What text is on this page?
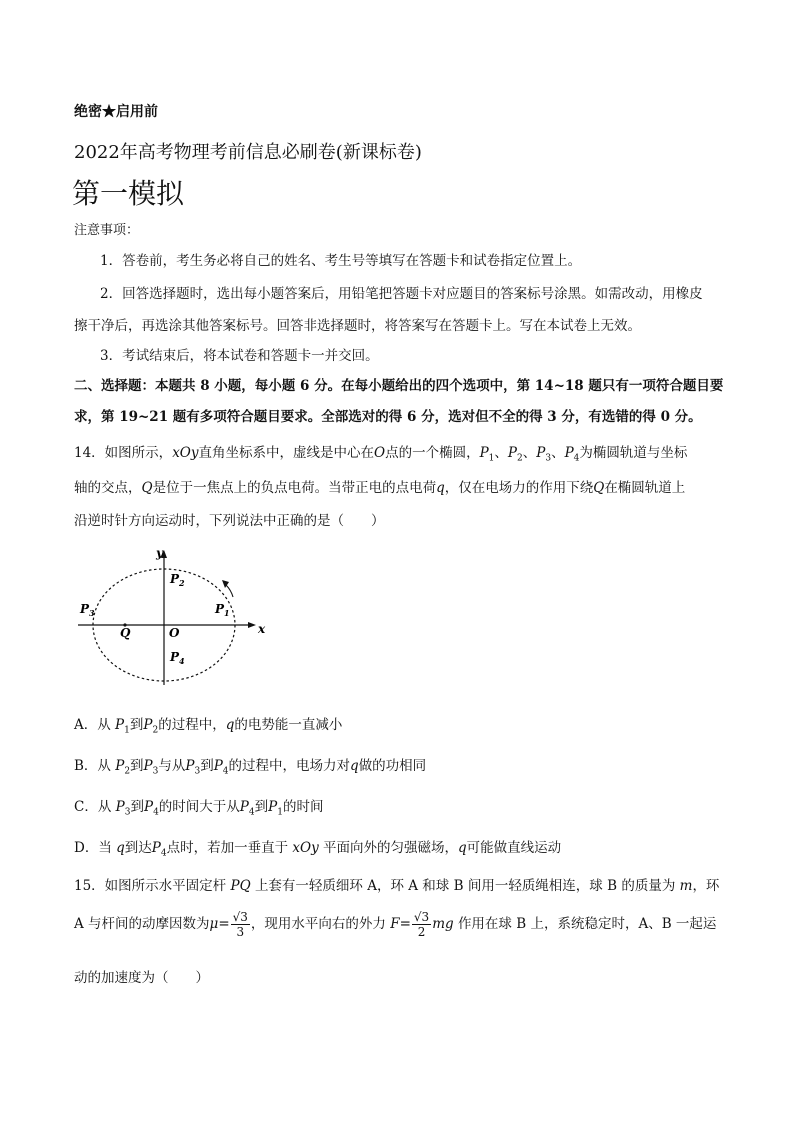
绝密★启用前
2022年高考物理考前信息必刷卷(新课标卷)
第一模拟
注意事项：
1．答卷前，考生务必将自己的姓名、考生号等填写在答题卡和试卷指定位置上。
2．回答选择题时，选出每小题答案后，用铅笔把答题卡对应题目的答案标号涂黑。如需改动，用橡皮
擦干净后，再选涂其他答案标号。回答非选择题时，将答案写在答题卡上。写在本试卷上无效。
3．考试结束后，将本试卷和答题卡一并交回。
二、选择题：本题共 8 小题，每小题 6 分。在每小题给出的四个选项中，第 14~18 题只有一项符合题目要
求，第 19~21 题有多项符合题目要求。全部选对的得 6 分，选对但不全的得 3 分，有选错的得 0 分。
14．如图所示，xOy直角坐标系中，虚线是中心在O点的一个椭圆，$P_1$、$P_2$、$P_3$、$P_4$为椭圆轨道与坐标
轴的交点，Q是位于一焦点上的负点电荷。当带正电的点电荷q，仅在电场力的作用下绕Q在椭圆轨道上
沿逆时针方向运动时，下列说法中正确的是（　　）
y
x
O
Q
$P_2$
$P_3$	$P_1$
$P_4$
A．从 $P_1$到$P_2$的过程中，q的电势能一直减小
B．从 $P_2$到$P_3$与从$P_3$到$P_4$的过程中，电场力对q做的功相同
C．从 $P_3$到$P_4$的时间大于从$P_4$到$P_1$的时间
D．当 q到达$P_4$点时，若加一垂直于 xOy 平面向外的匀强磁场，q可能做直线运动
15．如图所示水平固定杆 PQ 上套有一轻质细环 A，环 A 和球 B 间用一轻质绳相连，球 B 的质量为 m，环
A 与杆间的动摩因数为$\mu= \frac{√3}{3}$ ，现用水平向右的外力 $F= \frac{√3}{2}$ mg 作用在球 B 上，系统稳定时，A、B 一起运
动的加速度为（　　）
